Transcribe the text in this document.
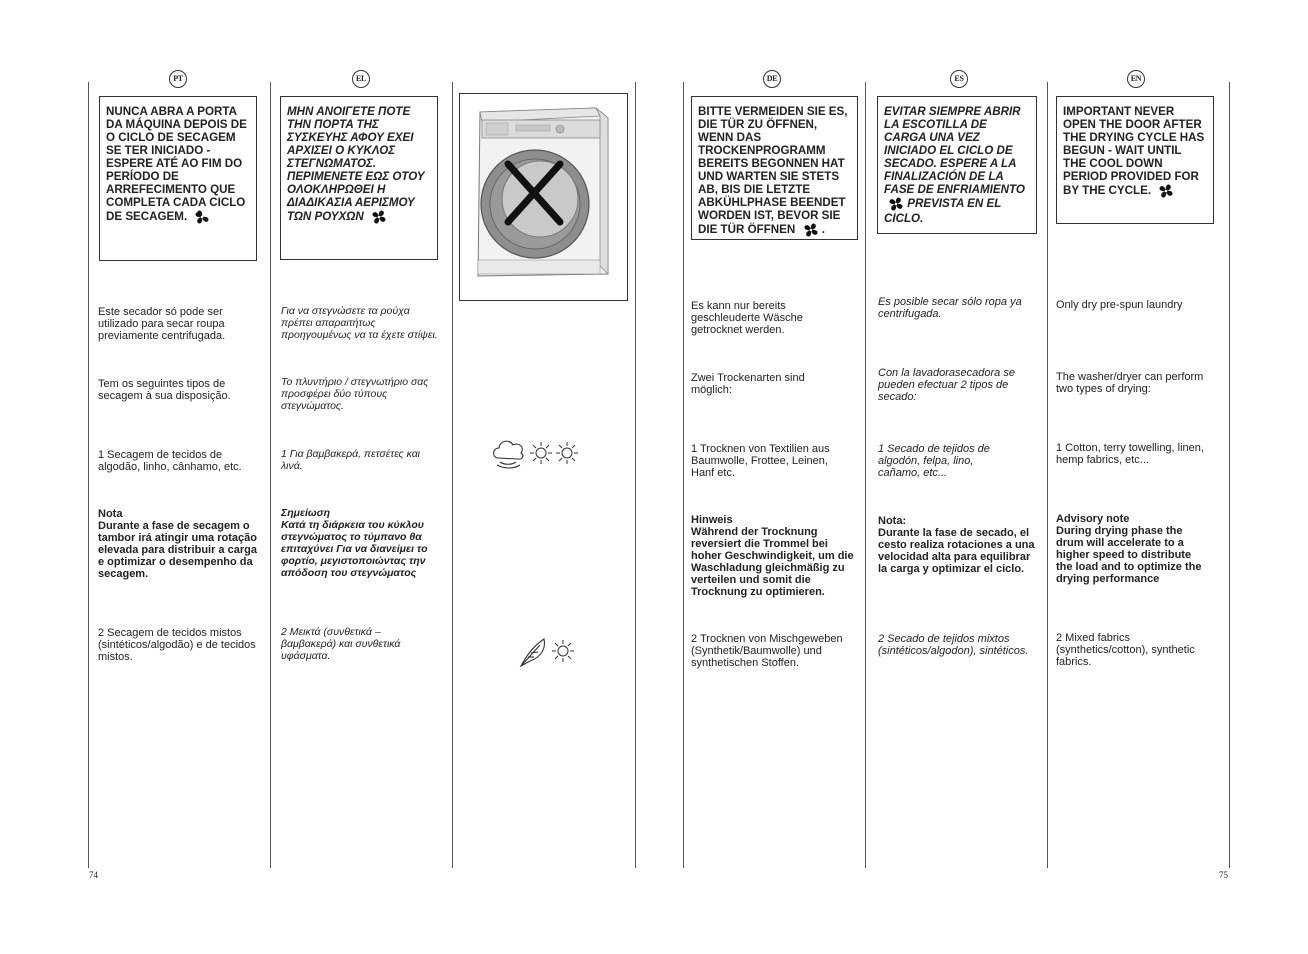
PT	EL	DE	ES	EN
NUNCA ABRA A PORTA DA MÁQUINA DEPOIS DE O CICLO DE SECAGEM SE TER INICIADO - ESPERE ATÉ AO FIM DO PERÍODO DE ARREFECIMENTO QUE COMPLETA CADA CICLO DE SECAGEM.
Este secador só pode ser utilizado para secar roupa previamente centrifugada.
Tem os seguintes tipos de secagem à sua disposição.
1 Secagem de tecidos de algodão, linho, cânhamo, etc.
Nota
Durante a fase de secagem o tambor irá atingir uma rotação elevada para distribuir a carga e optimizar o desempenho da secagem.
2 Secagem de tecidos mistos (sintéticos/algodão) e de tecidos mistos.
ΜΗΝ ΑΝΟΙΓΕΤΕ ΠΟΤΕ ΤΗΝ ΠΟΡΤΑ ΤΗΣ ΣΥΣΚΕΥΗΣ ΑΦΟΥ ΕΧΕΙ ΑΡΧΙΣΕΙ Ο ΚΥΚΛΟΣ ΣΤΕΓΝΩΜΑΤΟΣ. ΠΕΡΙΜΕΝΕΤΕ ΕΩΣ ΟΤΟΥ ΟΛΟΚΛΗΡΩΘΕΙ Η ΔΙΑΔΙΚΑΣΙΑ ΑΕΡΙΣΜΟΥ ΤΩΝ ΡΟΥΧΩΝ
Για να στεγνώσετε τα ρούχα πρέπει απαραιτήτως προηγουμένως να τα έχετε στίψει.
Το πλυντήριο / στεγνωτήριο σας προσφέρει δύο τύπους στεγνώματος.
1 Για βαμβακερά, πετσέτες και λινά.
Σημείωση
Κατά τη διάρκεια του κύκλου στεγνώματος το τύμπανο θα επιταχύνει Για να διανείμει το φορτίο, μεγιστοποιώντας την απόδοση του στεγνώματος
2 Μεικτά (συνθετικά – βαμβακερά) και συνθετικά υφάσματα.
BITTE VERMEIDEN SIE ES, DIE TÜR ZU ÖFFNEN, WENN DAS TROCKENPROGRAMM BEREITS BEGONNEN HAT UND WARTEN SIE STETS AB, BIS DIE LETZTE ABKÜHLPHASE BEENDET WORDEN IST, BEVOR SIE DIE TÜR ÖFFNEN .
Es kann nur bereits geschleuderte Wäsche getrocknet werden.
Zwei Trockenarten sind möglich:
1 Trocknen von Textilien aus Baumwolle, Frottee, Leinen, Hanf etc.
Hinweis
Während der Trocknung reversiert die Trommel bei hoher Geschwindigkeit, um die Waschladung gleichmäßig zu verteilen und somit die Trocknung zu optimieren.
2 Trocknen von Mischgeweben (Synthetik/Baumwolle) und synthetischen Stoffen.
EVITAR SIEMPRE ABRIR LA ESCOTILLA DE CARGA UNA VEZ INICIADO EL CICLO DE SECADO. ESPERE A LA FINALIZACIÓN DE LA FASE DE ENFRIAMIENTO
PREVISTA EN EL CICLO.
Es posible secar sólo ropa ya centrifugada.
Con la lavadorasecadora se pueden efectuar 2 tipos de secado:
1 Secado de tejidos de algodón, felpa, lino, cañamo, etc...
Nota:
Durante la fase de secado, el cesto realiza rotaciones a una velocidad alta para equilibrar la carga y optimizar el ciclo.
2 Secado de tejidos mixtos (sintéticos/algodon), sintéticos.
IMPORTANT NEVER OPEN THE DOOR AFTER THE DRYING CYCLE HAS BEGUN - WAIT UNTIL THE COOL DOWN PERIOD PROVIDED FOR BY THE CYCLE.
Only dry pre-spun laundry
The washer/dryer can perform two types of drying:
1 Cotton, terry towelling, linen, hemp fabrics, etc...
Advisory note
During drying phase the drum will accelerate to a higher speed to distribute the load and to optimize the drying performance
2 Mixed fabrics (synthetics/cotton), synthetic fabrics.
74	75
